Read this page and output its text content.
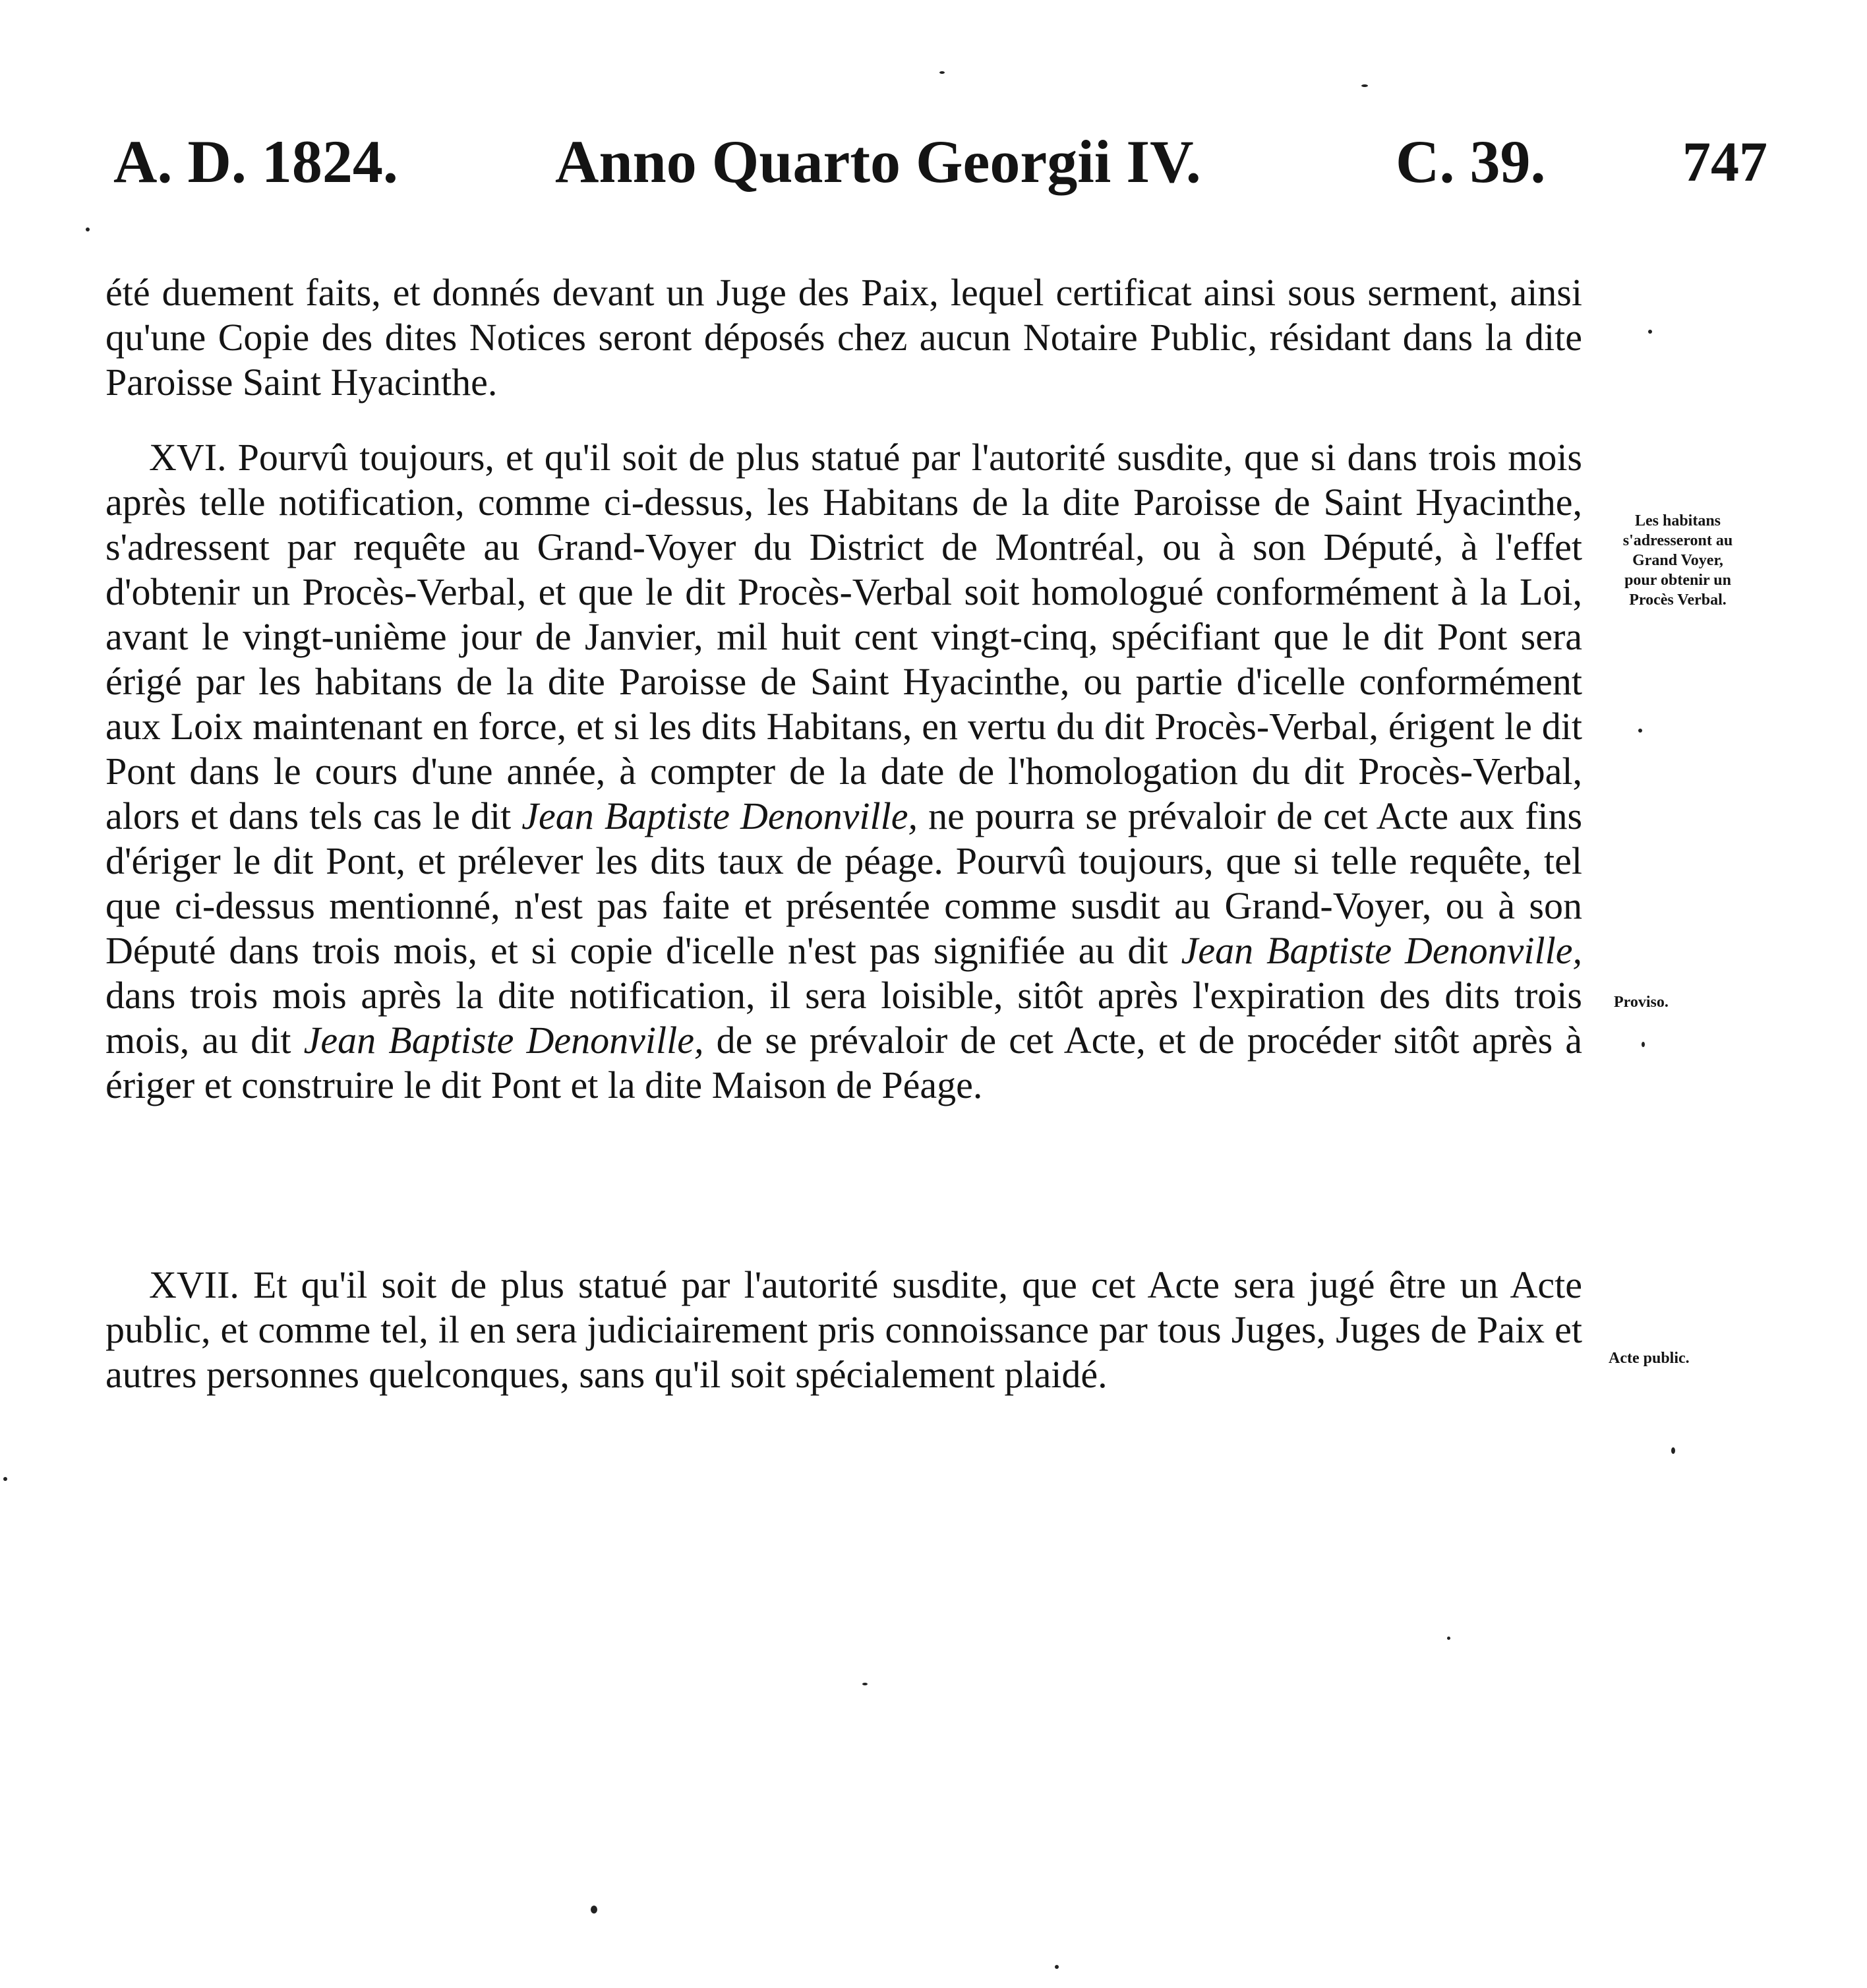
A. D. 1824.	Anno Quarto Georgii IV.	C. 39. 747

été duement faits, et donnés devant un Juge des Paix, lequel certificat ainsi sous serment, ainsi qu'une Copie des dites Notices seront déposés chez aucun Notaire Public, résidant dans la dite Paroisse Saint Hyacinthe.

XVI. Pourvû toujours, et qu'il soit de plus statué par l'autorité susdite, que si dans trois mois après telle notification, comme ci-dessus, les Habitans de la dite Paroisse de Saint Hyacinthe, s'adressent par requête au Grand-Voyer du District de Montréal, ou à son Député, à l'effet d'obtenir un Procès-Verbal, et que le dit Procès-Verbal soit homologué conformément à la Loi, avant le vingt-unième jour de Janvier, mil huit cent vingt-cinq, spécifiant que le dit Pont sera érigé par les habitans de la dite Paroisse de Saint Hyacinthe, ou partie d'icelle conformément aux Loix maintenant en force, et si les dits Habitans, en vertu du dit Procès-Verbal, érigent le dit Pont dans le cours d'une année, à compter de la date de l'homologation du dit Procès-Verbal, alors et dans tels cas le dit Jean Baptiste Denonville, ne pourra se prévaloir de cet Acte aux fins d'ériger le dit Pont, et prélever les dits taux de péage. Pourvû toujours, que si telle requête, tel que ci-dessus mentionné, n'est pas faite et présentée comme susdit au Grand-Voyer, ou à son Député dans trois mois, et si copie d'icelle n'est pas signifiée au dit Jean Baptiste Denonville, dans trois mois après la dite notification, il sera loisible, sitôt après l'expiration des dits trois mois, au dit Jean Baptiste Denonville, de se prévaloir de cet Acte, et de procéder sitôt après à ériger et construire le dit Pont et la dite Maison de Péage.

XVII. Et qu'il soit de plus statué par l'autorité susdite, que cet Acte sera jugé être un Acte public, et comme tel, il en sera judiciairement pris connoissance par tous Juges, Juges de Paix et autres personnes quelconques, sans qu'il soit spécialement plaidé.

Les habitans
s'adresseront au
Grand Voyer,
pour obtenir un
Procès Verbal.
Proviso.
Acte public.
